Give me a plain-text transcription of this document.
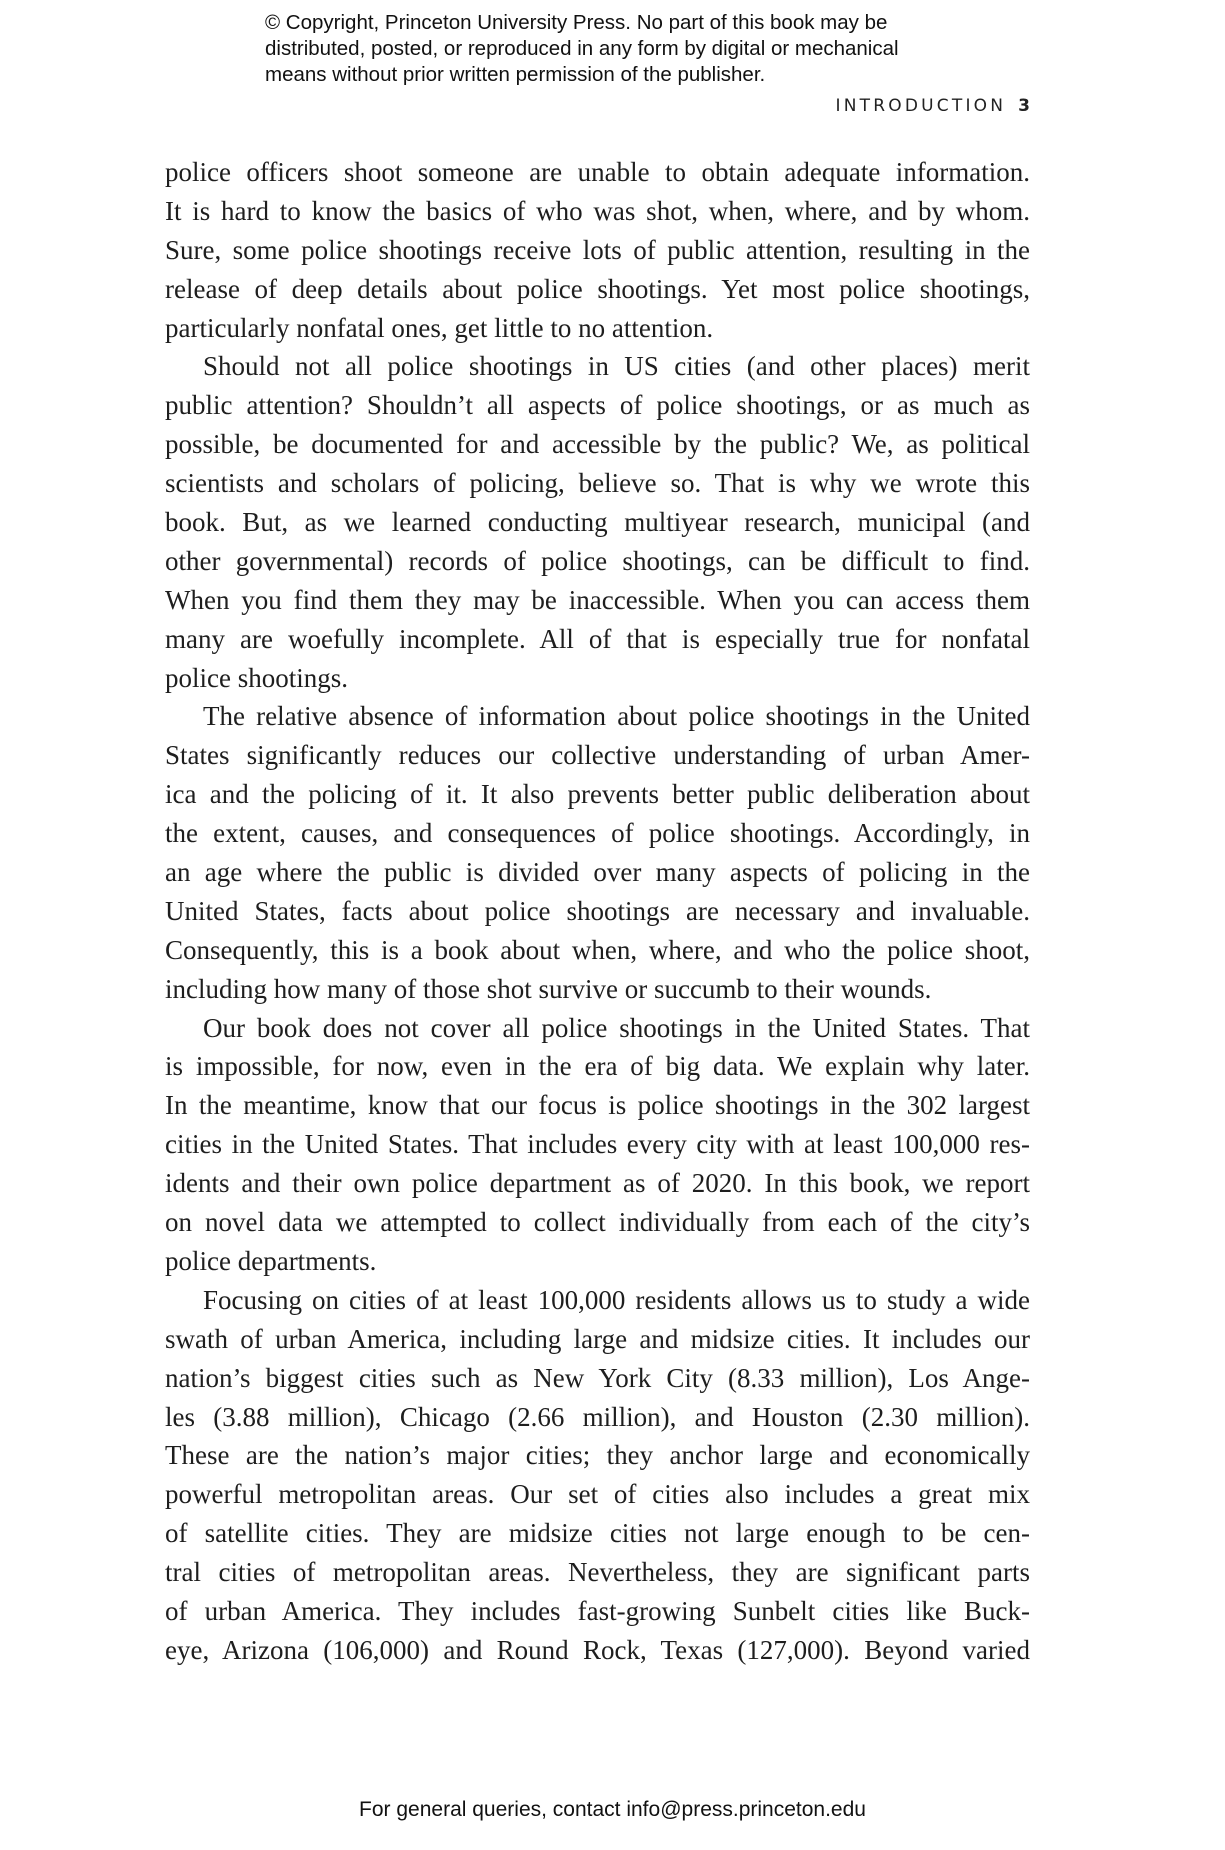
© Copyright, Princeton University Press. No part of this book may be
distributed, posted, or reproduced in any form by digital or mechanical
means without prior written permission of the publisher.
INTRODUCTION 3

police officers shoot someone are unable to obtain adequate information.
It is hard to know the basics of who was shot, when, where, and by whom.
Sure, some police shootings receive lots of public attention, resulting in the
release of deep details about police shootings. Yet most police shootings,
particularly nonfatal ones, get little to no attention.

Should not all police shootings in US cities (and other places) merit
public attention? Shouldn’t all aspects of police shootings, or as much as
possible, be documented for and accessible by the public? We, as political
scientists and scholars of policing, believe so. That is why we wrote this
book. But, as we learned conducting multiyear research, municipal (and
other governmental) records of police shootings, can be difficult to find.
When you find them they may be inaccessible. When you can access them
many are woefully incomplete. All of that is especially true for nonfatal
police shootings.

The relative absence of information about police shootings in the United
States significantly reduces our collective understanding of urban Amer-
ica and the policing of it. It also prevents better public deliberation about
the extent, causes, and consequences of police shootings. Accordingly, in
an age where the public is divided over many aspects of policing in the
United States, facts about police shootings are necessary and invaluable.
Consequently, this is a book about when, where, and who the police shoot,
including how many of those shot survive or succumb to their wounds.

Our book does not cover all police shootings in the United States. That
is impossible, for now, even in the era of big data. We explain why later.
In the meantime, know that our focus is police shootings in the 302 largest
cities in the United States. That includes every city with at least 100,000 res-
idents and their own police department as of 2020. In this book, we report
on novel data we attempted to collect individually from each of the city’s
police departments.

Focusing on cities of at least 100,000 residents allows us to study a wide
swath of urban America, including large and midsize cities. It includes our
nation’s biggest cities such as New York City (8.33 million), Los Ange-
les (3.88 million), Chicago (2.66 million), and Houston (2.30 million).
These are the nation’s major cities; they anchor large and economically
powerful metropolitan areas. Our set of cities also includes a great mix
of satellite cities. They are midsize cities not large enough to be cen-
tral cities of metropolitan areas. Nevertheless, they are significant parts
of urban America. They includes fast-growing Sunbelt cities like Buck-
eye, Arizona (106,000) and Round Rock, Texas (127,000). Beyond varied

For general queries, contact info@press.princeton.edu
